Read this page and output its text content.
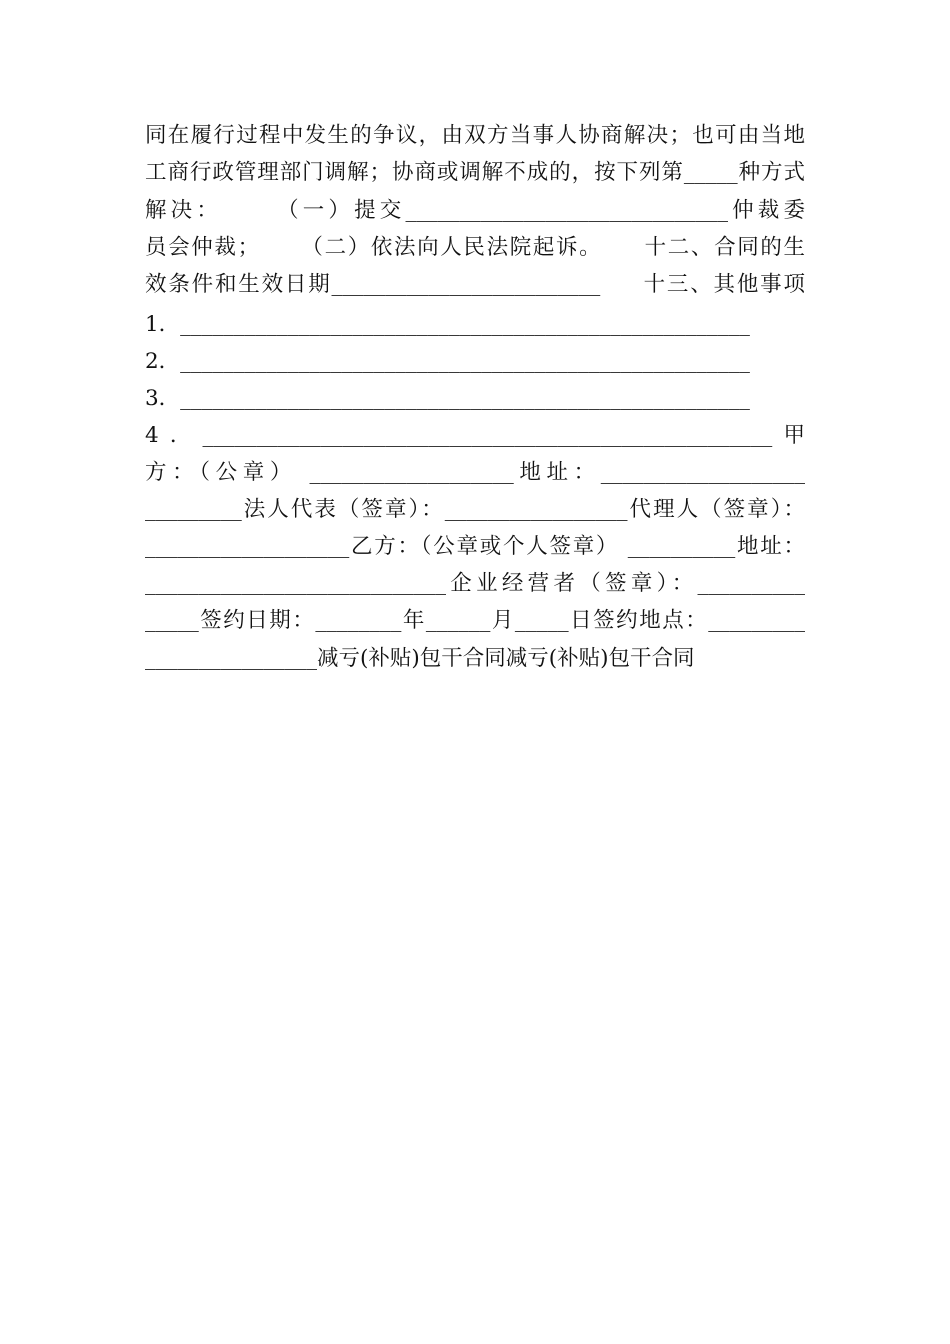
同在履行过程中发生的争议，由双方当事人协商解决；也可由当地
工商行政管理部门调解；协商或调解不成的，按下列第_____种方式
解决：     （一）提交______________________________仲裁委
员会仲裁；     （二）依法向人民法院起诉。     十二、合同的生
效条件和生效日期_________________________     十三、其他事项
1．_____________________________________________________
2．_____________________________________________________
3．_____________________________________________________
4．_____________________________________________________甲
方：（公章） ___________________地址：___________________
_________法人代表（签章）：_________________代理人（签章）：
___________________乙方：（公章或个人签章） __________地址：
____________________________企业经营者（签章）：__________
_____签约日期：________年______月_____日签约地点：_________
________________减亏(补贴)包干合同减亏(补贴)包干合同
